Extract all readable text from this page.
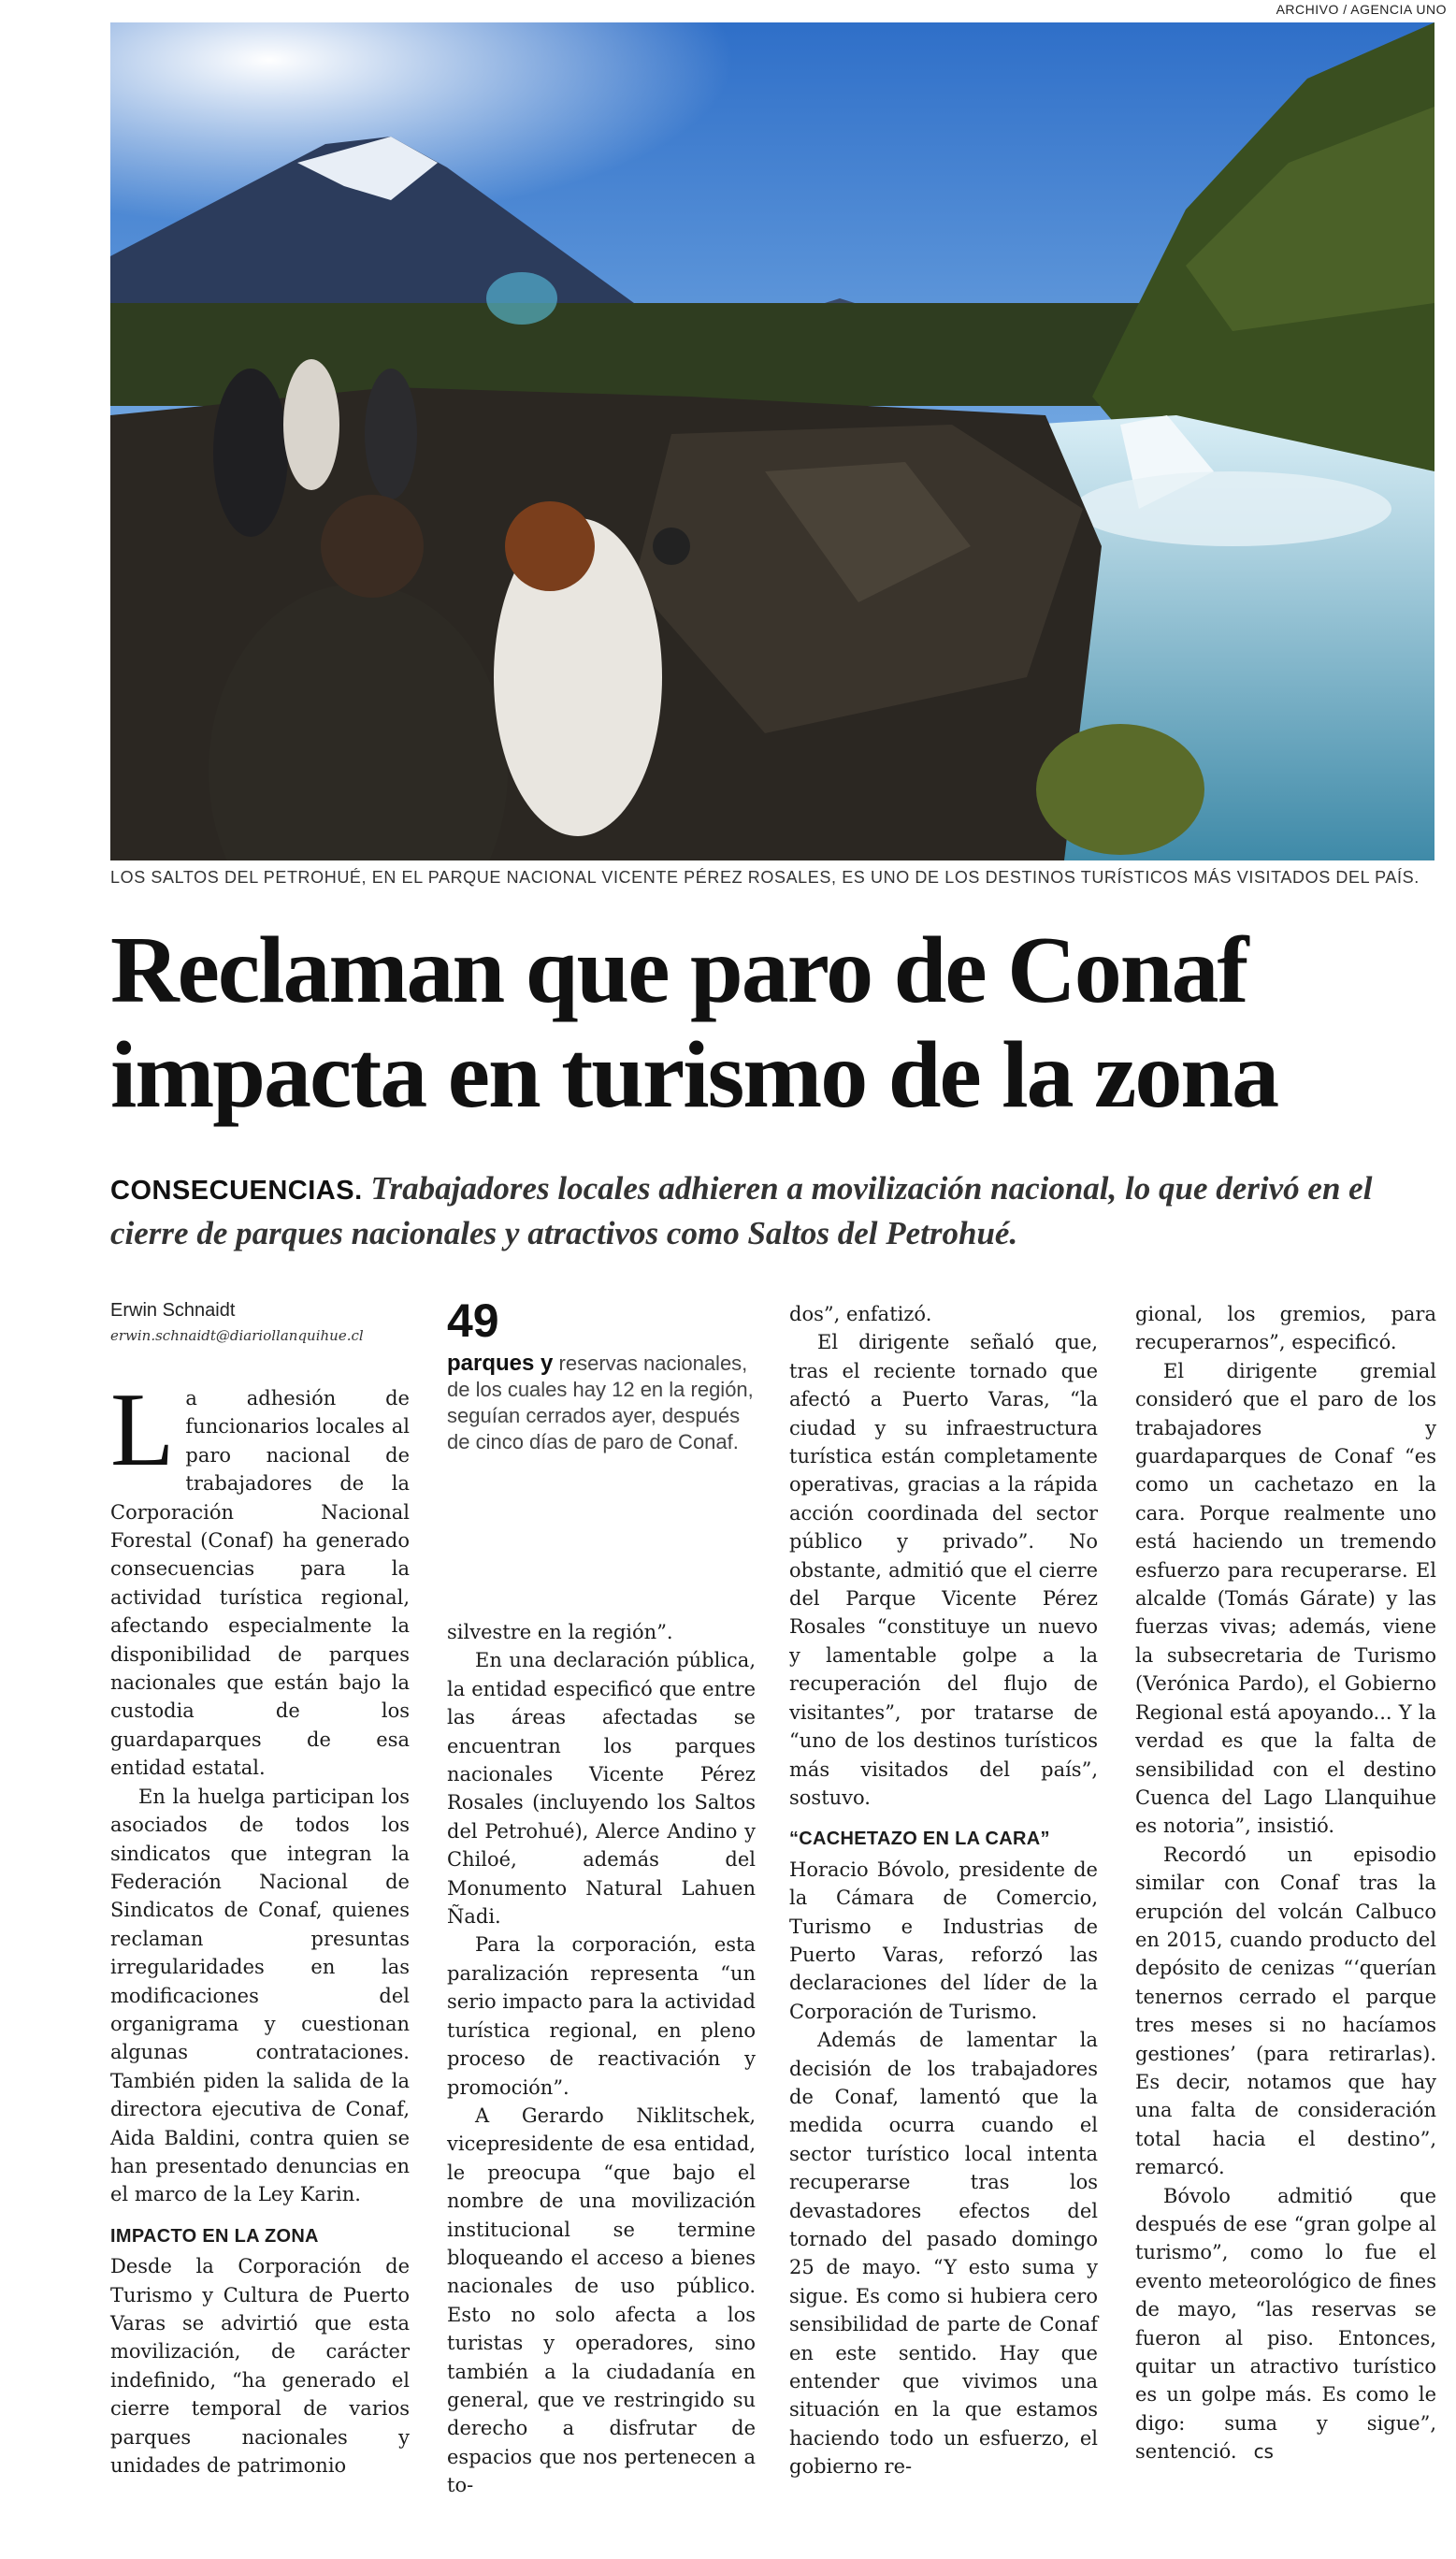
ARCHIVO / AGENCIA UNO
LOS SALTOS DEL PETROHUÉ, EN EL PARQUE NACIONAL VICENTE PÉREZ ROSALES, ES UNO DE LOS DESTINOS TURÍSTICOS MÁS VISITADOS DEL PAÍS.
Reclaman que paro de Conaf impacta en turismo de la zona
CONSECUENCIAS. Trabajadores locales adhieren a movilización nacional, lo que derivó en el cierre de parques nacionales y atractivos como Saltos del Petrohué.
Erwin Schnaidt
erwin.schnaidt@diariollanquihue.cl	49
parques y reservas nacionales, de los cuales hay 12 en la región, seguían cerrados ayer, después de cinco días de paro de Conaf.

La adhesión de funcionarios locales al paro nacional de trabajadores de la Corporación Nacional Forestal (Conaf) ha generado consecuencias para la actividad turística regional, afectando especialmente la disponibilidad de parques nacionales que están bajo la custodia de los guardaparques de esa entidad estatal.

En la huelga participan los asociados de todos los sindicatos que integran la Federación Nacional de Sindicatos de Conaf, quienes reclaman presuntas irregularidades en las modificaciones del organigrama y cuestionan algunas contrataciones. También piden la salida de la directora ejecutiva de Conaf, Aida Baldini, contra quien se han presentado denuncias en el marco de la Ley Karin.

IMPACTO EN LA ZONA

Desde la Corporación de Turismo y Cultura de Puerto Varas se advirtió que esta movilización, de carácter indefinido, “ha generado el cierre temporal de varios parques nacionales y unidades de patrimonio

silvestre en la región”.

En una declaración pública, la entidad especificó que entre las áreas afectadas se encuentran los parques nacionales Vicente Pérez Rosales (incluyendo los Saltos del Petrohué), Alerce Andino y Chiloé, además del Monumento Natural Lahuen Ñadi.

Para la corporación, esta paralización representa “un serio impacto para la actividad turística regional, en pleno proceso de reactivación y promoción”.

A Gerardo Niklitschek, vicepresidente de esa entidad, le preocupa “que bajo el nombre de una movilización institucional se termine bloqueando el acceso a bienes nacionales de uso público. Esto no solo afecta a los turistas y operadores, sino también a la ciudadanía en general, que ve restringido su derecho a disfrutar de espacios que nos pertenecen a to-

dos”, enfatizó.

El dirigente señaló que, tras el reciente tornado que afectó a Puerto Varas, “la ciudad y su infraestructura turística están completamente operativas, gracias a la rápida acción coordinada del sector público y privado”. No obstante, admitió que el cierre del Parque Vicente Pérez Rosales “constituye un nuevo y lamentable golpe a la recuperación del flujo de visitantes”, por tratarse de “uno de los destinos turísticos más visitados del país”, sostuvo.

“CACHETAZO EN LA CARA”

Horacio Bóvolo, presidente de la Cámara de Comercio, Turismo e Industrias de Puerto Varas, reforzó las declaraciones del líder de la Corporación de Turismo.

Además de lamentar la decisión de los trabajadores de Conaf, lamentó que la medida ocurra cuando el sector turístico local intenta recuperarse tras los devastadores efectos del tornado del pasado domingo 25 de mayo. “Y esto suma y sigue. Es como si hubiera cero sensibilidad de parte de Conaf en este sentido. Hay que entender que vivimos una situación en la que estamos haciendo todo un esfuerzo, el gobierno re-

gional, los gremios, para recuperarnos”, especificó.

El dirigente gremial consideró que el paro de los trabajadores y guardaparques de Conaf “es como un cachetazo en la cara. Porque realmente uno está haciendo un tremendo esfuerzo para recuperarse. El alcalde (Tomás Gárate) y las fuerzas vivas; además, viene la subsecretaria de Turismo (Verónica Pardo), el Gobierno Regional está apoyando... Y la verdad es que la falta de sensibilidad con el destino Cuenca del Lago Llanquihue es notoria”, insistió.

Recordó un episodio similar con Conaf tras la erupción del volcán Calbuco en 2015, cuando producto del depósito de cenizas “‘querían tenernos cerrado el parque tres meses si no hacíamos gestiones’ (para retirarlas). Es decir, notamos que hay una falta de consideración total hacia el destino”, remarcó.

Bóvolo admitió que después de ese “gran golpe al turismo”, como lo fue el evento meteorológico de fines de mayo, “las reservas se fueron al piso. Entonces, quitar un atractivo turístico es un golpe más. Es como le digo: suma y sigue”, sentenció. cs
